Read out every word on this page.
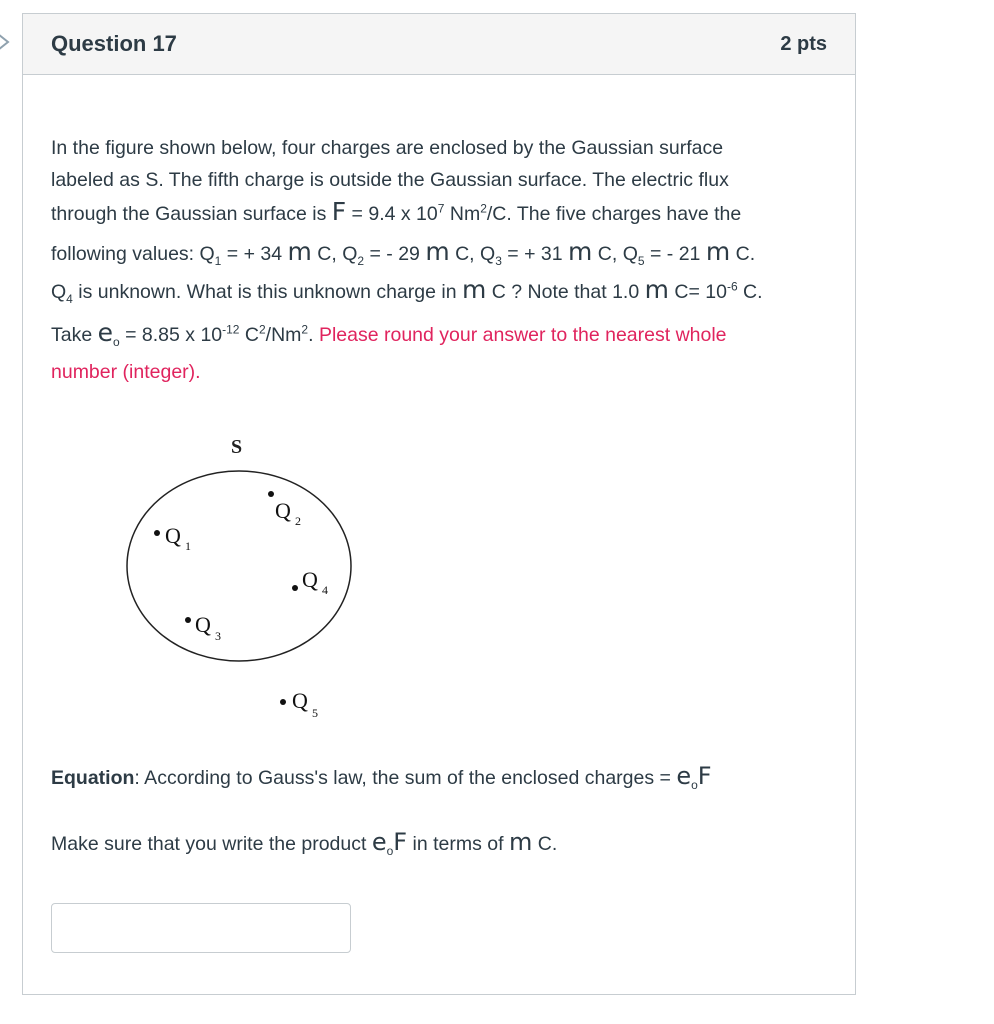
Question 17	2 pts

In the figure shown below, four charges are enclosed by the Gaussian surface
labeled as S. The fifth charge is outside the Gaussian surface. The electric flux
through the Gaussian surface is F = 9.4 x $10^7$ Nm$^2$/C. The five charges have the
following values: $Q_1$ = + 34 m C, $Q_2$ = - 29 m C, $Q_3$ = + 31 m C, $Q_5$ = - 21 m C.
$Q_4$ is unknown. What is this unknown charge in m C ? Note that 1.0 m $C= 10^{-6}$ C.
Take $e_o = 8.85$ x $10^{-12}$ $C^2/Nm^2$. Please round your answer to the nearest whole
number (integer).

S
Q 1
Q 2
Q 3
Q 4
Q 5
Equation: According to Gauss's law, the sum of the enclosed charges = $e_oF$
Make sure that you write the product $e_oF$ in terms of m C.
